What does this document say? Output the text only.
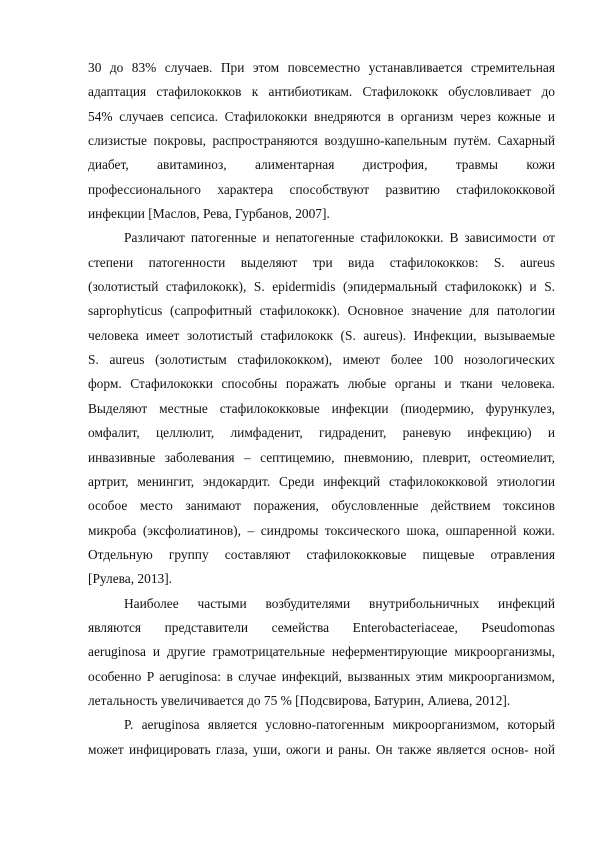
30 до 83% случаев. При этом повсеместно устанавливается стремительная
адаптация стафилококков к антибиотикам. Стафилококк обусловливает до
54% случаев сепсиса. Стафилококки внедряются в организм через кожные и
слизистые покровы, распространяются воздушно-капельным путём. Сахарный
диабет, авитаминоз, алиментарная дистрофия, травмы кожи
профессионального характера способствуют развитию стафилококковой
инфекции [Маслов, Рева, Гурбанов, 2007].

Различают патогенные и непатогенные стафилококки. В зависимости от
степени патогенности выделяют три вида стафилококков: S. aureus
(золотистый стафилококк), S. epidermidis (эпидермальный стафилококк) и S.
saprophyticus (сапрофитный стафилококк). Основное значение для патологии
человека имеет золотистый стафилококк (S. aureus). Инфекции, вызываемые
S. aureus (золотистым стафилококком), имеют более 100 нозологических
форм. Стафилококки способны поражать любые органы и ткани человека.
Выделяют местные стафилококковые инфекции (пиодермию, фурункулез,
омфалит, целлюлит, лимфаденит, гидраденит, раневую инфекцию) и
инвазивные заболевания – септицемию, пневмонию, плеврит, остеомиелит,
артрит, менингит, эндокардит. Среди инфекций стафилококковой этиологии
особое место занимают поражения, обусловленные действием токсинов
микроба (эксфолиатинов), – синдромы токсического шока, ошпаренной кожи.
Отдельную группу составляют стафилококковые пищевые отравления
[Рулева, 2013].

Наиболее частыми возбудителями внутрибольничных инфекций
являются представители семейства Enterobacteriaceae, Pseudomonas
aeruginosa и другие грамотрицательные неферментирующие микроорганизмы,
особенно P aeruginosa: в случае инфекций, вызванных этим микроорганизмом,
летальность увеличивается до 75 % [Подсвирова, Батурин, Алиева, 2012].

P. aeruginosa является условно-патогенным микроорганизмом, который
может инфицировать глаза, уши, ожоги и раны. Он также является основ- ной
